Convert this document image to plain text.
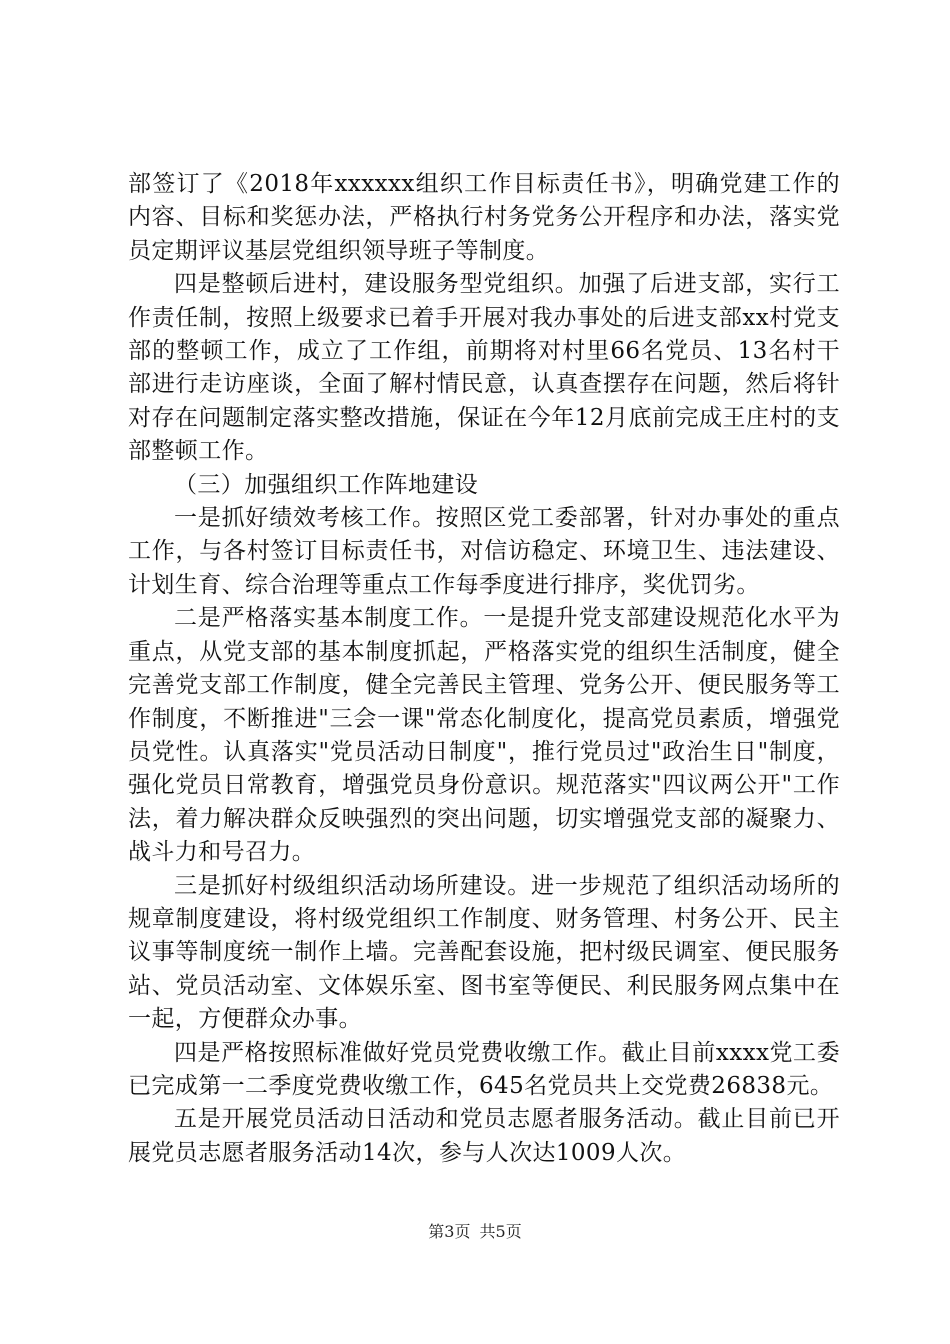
部签订了《2018年xxxxxx组织工作目标责任书》，明确党建工作的内容、目标和奖惩办法，严格执行村务党务公开程序和办法，落实党员定期评议基层党组织领导班子等制度。

四是整顿后进村，建设服务型党组织。加强了后进支部，实行工作责任制，按照上级要求已着手开展对我办事处的后进支部xx村党支部的整顿工作，成立了工作组，前期将对村里66名党员、13名村干部进行走访座谈，全面了解村情民意，认真查摆存在问题，然后将针对存在问题制定落实整改措施，保证在今年12月底前完成王庄村的支部整顿工作。

（三）加强组织工作阵地建设

一是抓好绩效考核工作。按照区党工委部署，针对办事处的重点工作，与各村签订目标责任书，对信访稳定、环境卫生、违法建设、计划生育、综合治理等重点工作每季度进行排序，奖优罚劣。

二是严格落实基本制度工作。一是提升党支部建设规范化水平为重点，从党支部的基本制度抓起，严格落实党的组织生活制度，健全完善党支部工作制度，健全完善民主管理、党务公开、便民服务等工作制度，不断推进"三会一课"常态化制度化，提高党员素质，增强党员党性。认真落实"党员活动日制度"，推行党员过"政治生日"制度，强化党员日常教育，增强党员身份意识。规范落实"四议两公开"工作法，着力解决群众反映强烈的突出问题，切实增强党支部的凝聚力、战斗力和号召力。

三是抓好村级组织活动场所建设。进一步规范了组织活动场所的规章制度建设，将村级党组织工作制度、财务管理、村务公开、民主议事等制度统一制作上墙。完善配套设施，把村级民调室、便民服务站、党员活动室、文体娱乐室、图书室等便民、利民服务网点集中在一起，方便群众办事。

四是严格按照标准做好党员党费收缴工作。截止目前xxxx党工委已完成第一二季度党费收缴工作，645名党员共上交党费26838元。

五是开展党员活动日活动和党员志愿者服务活动。截止目前已开展党员志愿者服务活动14次，参与人次达1009人次。

第3页 共5页
